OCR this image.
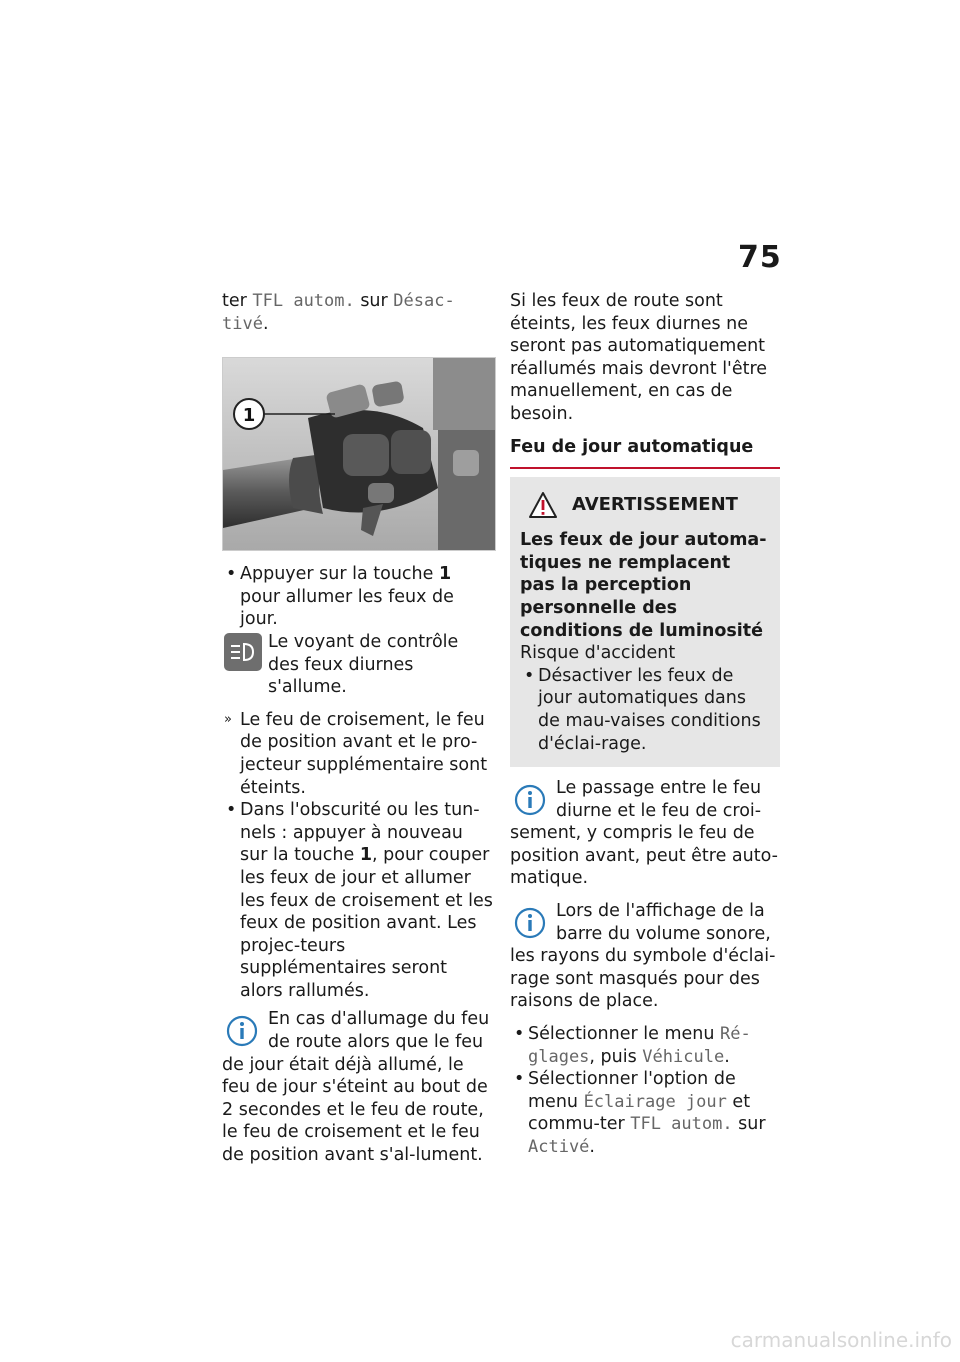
75

ter TFL autom. sur Désac-tivé.

1

• Appuyer sur la touche 1 pour allumer les feux de jour.

Le voyant de contrôle des feux diurnes s'allume.

» Le feu de croisement, le feu de position avant et le pro-jecteur supplémentaire sont éteints.

• Dans l'obscurité ou les tun-nels : appuyer à nouveau sur la touche 1, pour couper les feux de jour et allumer les feux de croisement et les feux de position avant. Les projec-teurs supplémentaires seront alors rallumés.

En cas d'allumage du feu de route alors que le feu

de jour était déjà allumé, le feu de jour s'éteint au bout de 2 secondes et le feu de route, le feu de croisement et le feu de position avant s'al-lument.

Si les feux de route sont éteints, les feux diurnes ne seront pas automatiquement réallumés mais devront l'être manuellement, en cas de besoin.

Feu de jour automatique

AVERTISSEMENT

Les feux de jour automa-tiques ne remplacent pas la perception personnelle des conditions de luminosité

Risque d'accident

• Désactiver les feux de jour automatiques dans de mau-vaises conditions d'éclai-rage.

Le passage entre le feu diurne et le feu de croi-

sement, y compris le feu de position avant, peut être auto-matique.

Lors de l'affichage de la barre du volume sonore,

les rayons du symbole d'éclai-rage sont masqués pour des raisons de place.

• Sélectionner le menu Ré-glages, puis Véhicule.

• Sélectionner l'option de menu Éclairage jour et commu-ter TFL autom. sur Activé.

carmanualsonline.info
